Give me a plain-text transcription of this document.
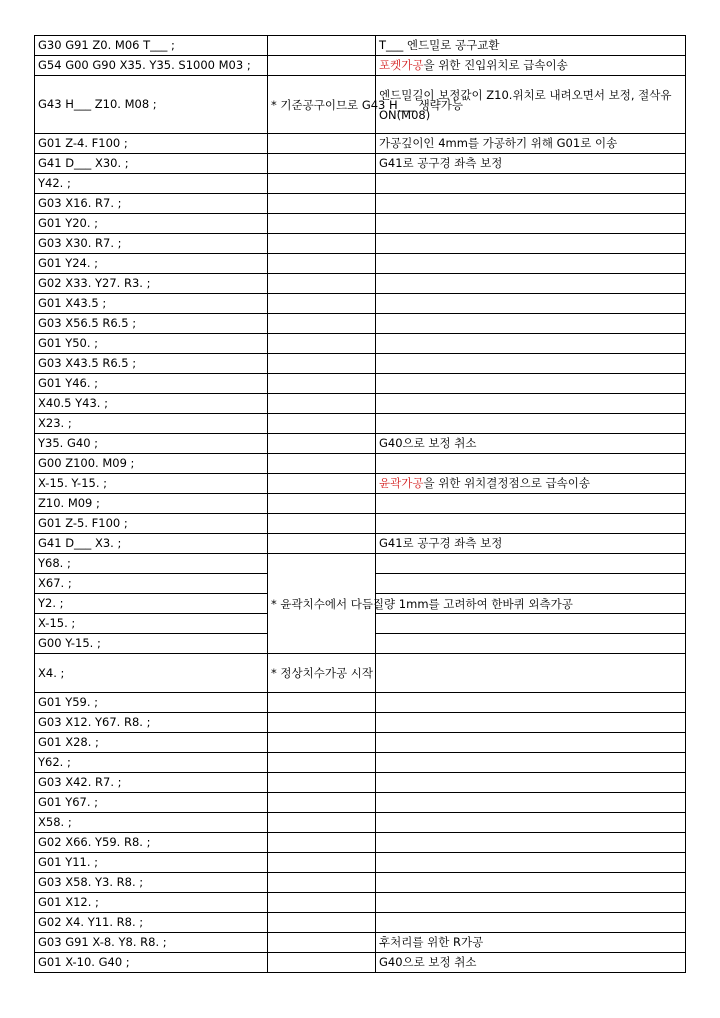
G30 G91 Z0. M06 T___ ;		T___ 엔드밀로 공구교환
G54 G00 G90 X35. Y35. S1000 M03 ;		포켓가공을 위한 진입위치로 급속이송
G43 H___ Z10. M08 ;	* 기준공구이므로 G43 H___ 생략가능	엔드밀길이 보정값이 Z10.위치로 내려오면서 보정, 절삭유 ON(M08)
G01 Z-4. F100 ;		가공깊이인 4mm를 가공하기 위해 G01로 이송
G41 D___ X30. ;		G41로 공구경 좌측 보정
Y42. ;		
G03 X16. R7. ;		
G01 Y20. ;		
G03 X30. R7. ;		
G01 Y24. ;		
G02 X33. Y27. R3. ;		
G01 X43.5 ;		
G03 X56.5 R6.5 ;		
G01 Y50. ;		
G03 X43.5 R6.5 ;		
G01 Y46. ;		
X40.5 Y43. ;		
X23. ;		
Y35. G40 ;		G40으로 보정 취소
G00 Z100. M09 ;		
X-15. Y-15. ;		윤곽가공을 위한 위치결정점으로 급속이송
Z10. M09 ;		
G01 Z-5. F100 ;		
G41 D___ X3. ;		G41로 공구경 좌측 보정
Y68. ;	* 윤곽치수에서 다듬질량 1mm를 고려하여 한바퀴 외측가공	
X67. ;		
Y2. ;		
X-15. ;		
G00 Y-15. ;		
X4. ;	* 정상치수가공 시작	
G01 Y59. ;		
G03 X12. Y67. R8. ;		
G01 X28. ;		
Y62. ;		
G03 X42. R7. ;		
G01 Y67. ;		
X58. ;		
G02 X66. Y59. R8. ;		
G01 Y11. ;		
G03 X58. Y3. R8. ;		
G01 X12. ;		
G02 X4. Y11. R8. ;		
G03 G91 X-8. Y8. R8. ;		후처리를 위한 R가공
G01 X-10. G40 ;		G40으로 보정 취소
